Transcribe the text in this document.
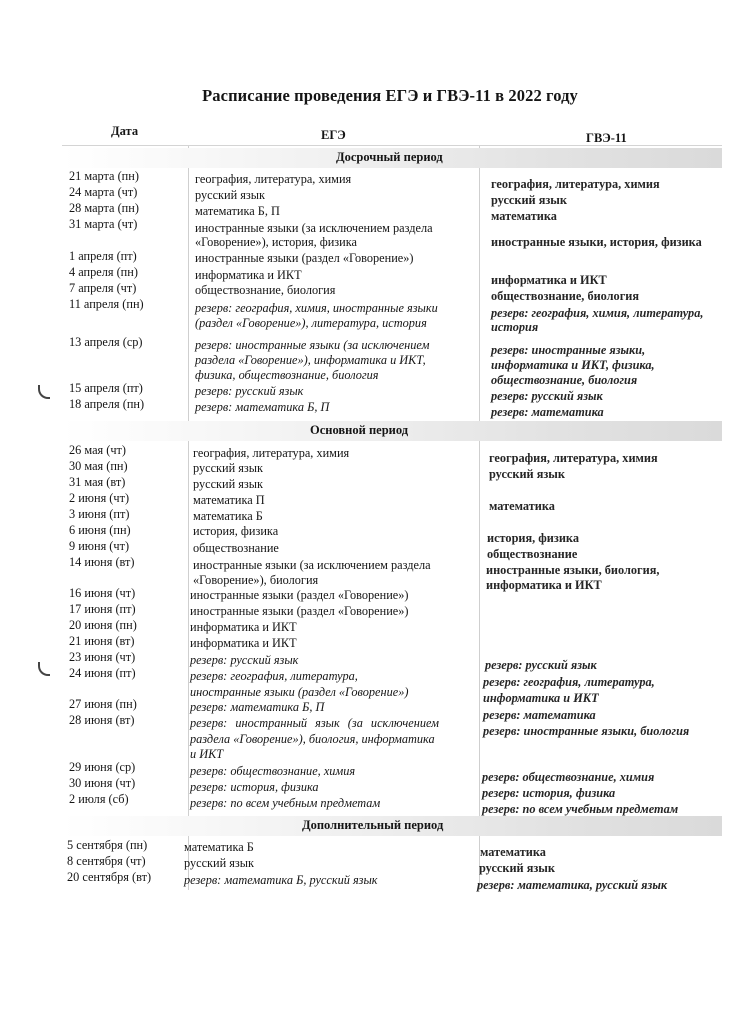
Расписание проведения ЕГЭ и ГВЭ-11 в 2022 году
Дата	ЕГЭ	ГВЭ-11
Досрочный период
Основной период
Дополнительный период
21 марта (пн)
24 марта (чт)
28 марта (пн)
31 марта (чт)
1 апреля (пт)
4 апреля (пн)
7 апреля (чт)
11 апреля (пн)
13 апреля (ср)
15 апреля (пт)
18 апреля (пн)
26 мая (чт)
30 мая (пн)
31 мая (вт)
2 июня (чт)
3 июня (пт)
6 июня (пн)
9 июня (чт)
14 июня (вт)
16 июня (чт)
17 июня (пт)
20 июня (пн)
21 июня (вт)
23 июня (чт)
24 июня (пт)
27 июня (пн)
28 июня (вт)
29 июня (ср)
30 июня (чт)
2 июля (сб)
5 сентября (пн)
8 сентября (чт)
20 сентября (вт)
география, литература, химия
русский язык
математика Б, П
иностранные языки (за исключением раздела
«Говорение»), история, физика
иностранные языки (раздел «Говорение»)
информатика и ИКТ
обществознание, биология
резерв: география, химия, иностранные языки
(раздел «Говорение»), литература, история
резерв: иностранные языки (за исключением
раздела «Говорение»), информатика и ИКТ,
физика, обществознание, биология
резерв: русский язык
резерв: математика Б, П
география, литература, химия
русский язык
русский язык
математика П
математика Б
история, физика
обществознание
иностранные языки (за исключением раздела
«Говорение»), биология
иностранные языки (раздел «Говорение»)
иностранные языки (раздел «Говорение»)
информатика и ИКТ
информатика и ИКТ
резерв: русский язык
резерв: география, литература,
иностранные языки (раздел «Говорение»)
резерв: математика Б, П
резерв: иностранный язык (за исключением
раздела «Говорение»), биология, информатика
и ИКТ
резерв: обществознание, химия
резерв: история, физика
резерв: по всем учебным предметам
математика Б
русский язык
резерв: математика Б, русский язык
география, литература, химия
русский язык
математика
иностранные языки, история, физика
информатика и ИКТ
обществознание, биология
резерв: география, химия, литература,
история
резерв: иностранные языки,
информатика и ИКТ, физика,
обществознание, биология
резерв: русский язык
резерв: математика
география, литература, химия
русский язык
математика
история, физика
обществознание
иностранные языки, биология,
информатика и ИКТ
резерв: русский язык
резерв: география, литература,
информатика и ИКТ
резерв: математика
резерв: иностранные языки, биология
резерв: обществознание, химия
резерв: история, физика
резерв: по всем учебным предметам
математика
русский язык
резерв: математика, русский язык
